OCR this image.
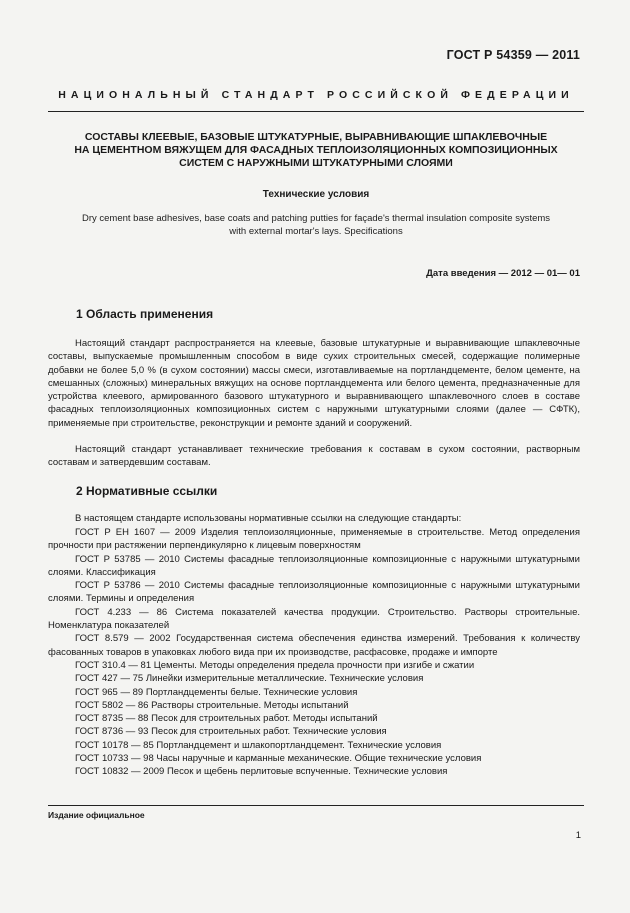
ГОСТ Р 54359 — 2011
НАЦИОНАЛЬНЫЙ СТАНДАРТ РОССИЙСКОЙ ФЕДЕРАЦИИ
СОСТАВЫ КЛЕЕВЫЕ, БАЗОВЫЕ ШТУКАТУРНЫЕ, ВЫРАВНИВАЮЩИЕ ШПАКЛЕВОЧНЫЕ
НА ЦЕМЕНТНОМ ВЯЖУЩЕМ ДЛЯ ФАСАДНЫХ ТЕПЛОИЗОЛЯЦИОННЫХ КОМПОЗИЦИОННЫХ
СИСТЕМ С НАРУЖНЫМИ ШТУКАТУРНЫМИ СЛОЯМИ
Технические условия
Dry cement base adhesives, base coats and patching putties for façade's thermal insulation composite systems
with external mortar's lays. Specifications
Дата введения — 2012 — 01— 01
1 Область применения

Настоящий стандарт распространяется на клеевые, базовые штукатурные и выравнивающие шпаклевочные составы, выпускаемые промышленным способом в виде сухих строительных смесей, содержащие полимерные добавки не более 5,0 % (в сухом состоянии) массы смеси, изготавливаемые на портландцементе, белом цементе, на смешанных (сложных) минеральных вяжущих на основе портландцемента или белого цемента, предназначенные для устройства клеевого, армированного базового штукатурного и выравнивающего шпаклевочного слоев в составе фасадных теплоизоляционных композиционных систем с наружными штукатурными слоями (далее — СФТК), применяемые при строительстве, реконструкции и ремонте зданий и сооружений.

Настоящий стандарт устанавливает технические требования к составам в сухом состоянии, растворным составам и затвердевшим составам.

2 Нормативные ссылки

В настоящем стандарте использованы нормативные ссылки на следующие стандарты:

ГОСТ Р ЕН 1607 — 2009 Изделия теплоизоляционные, применяемые в строительстве. Метод определения прочности при растяжении перпендикулярно к лицевым поверхностям
ГОСТ Р 53785 — 2010 Системы фасадные теплоизоляционные композиционные с наружными штукатурными слоями. Классификация
ГОСТ Р 53786 — 2010 Системы фасадные теплоизоляционные композиционные с наружными штукатурными слоями. Термины и определения
ГОСТ 4.233 — 86 Система показателей качества продукции. Строительство. Растворы строительные. Номенклатура показателей
ГОСТ 8.579 — 2002 Государственная система обеспечения единства измерений. Требования к количеству фасованных товаров в упаковках любого вида при их производстве, расфасовке, продаже и импорте
ГОСТ 310.4 — 81 Цементы. Методы определения предела прочности при изгибе и сжатии
ГОСТ 427 — 75 Линейки измерительные металлические. Технические условия
ГОСТ 965 — 89 Портландцементы белые. Технические условия
ГОСТ 5802 — 86 Растворы строительные. Методы испытаний
ГОСТ 8735 — 88 Песок для строительных работ. Методы испытаний
ГОСТ 8736 — 93 Песок для строительных работ. Технические условия
ГОСТ 10178 — 85 Портландцемент и шлакопортландцемент. Технические условия
ГОСТ 10733 — 98 Часы наручные и карманные механические. Общие технические условия
ГОСТ 10832 — 2009 Песок и щебень перлитовые вспученные. Технические условия
Издание официальное
1
